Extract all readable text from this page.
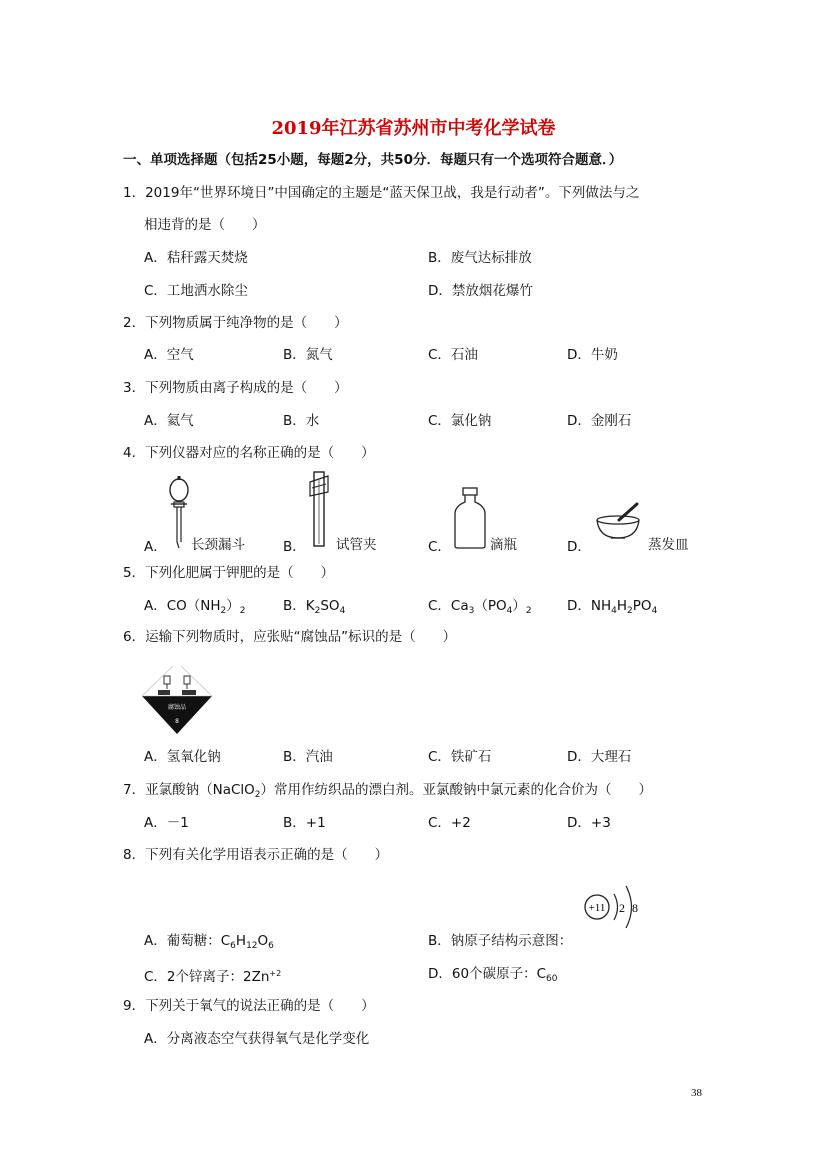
2019年江苏省苏州市中考化学试卷
一、单项选择题（包括25小题，每题2分，共50分．每题只有一个选项符合题意．）
1．2019年“世界环境日”中国确定的主题是“蓝天保卫战，我是行动者”。下列做法与之
相违背的是（　　）
A．秸秆露天焚烧	B．废气达标排放
C．工地洒水除尘	D．禁放烟花爆竹
2．下列物质属于纯净物的是（　　）
A．空气	B．氮气	C．石油	D．牛奶
3．下列物质由离子构成的是（　　）
A．氦气	B．水	C．氯化钠	D．金刚石
4．下列仪器对应的名称正确的是（　　）
A． 长颈漏斗	B． 试管夹	C．	滴瓶	D．	蒸发皿
5．下列化肥属于钾肥的是（　　）
A．$CO(NH_2)_2$	B．$K_2SO_4$	C．$Ca_3(PO_4)_2$	D．$NH_4H_2PO_4$
6．运输下列物质时，应张贴“腐蚀品”标识的是（　　）
腐蚀品
8
A．氢氧化钠	B．汽油	C．铁矿石	D．大理石
7．亚氯酸钠（NaClO$_2$）常用作纺织品的漂白剂。亚氯酸钠中氯元素的化合价为（　　）
A．－1	B．+1	C．+2	D．+3
8．下列有关化学用语表示正确的是（　　）
+11 2 8
A．葡萄糖：$C_6H_{12}O_6$	B．钠原子结构示意图：
C．2个锌离子：$2Zn^{+2}$	D．60个碳原子：$C_{60}$
9．下列关于氧气的说法正确的是（　　）
A．分离液态空气获得氧气是化学变化
38
